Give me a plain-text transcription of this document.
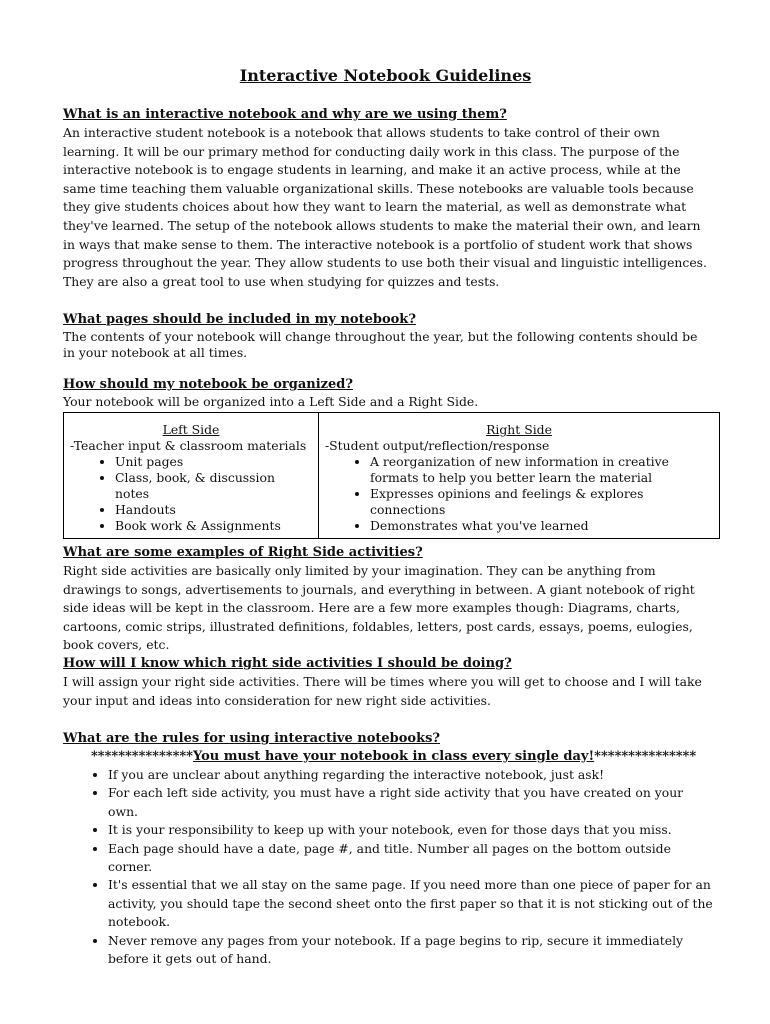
Interactive Notebook Guidelines

What is an interactive notebook and why are we using them?

An interactive student notebook is a notebook that allows students to take control of their own learning. It will be our primary method for conducting daily work in this class. The purpose of the interactive notebook is to engage students in learning, and make it an active process, while at the same time teaching them valuable organizational skills. These notebooks are valuable tools because they give students choices about how they want to learn the material, as well as demonstrate what they've learned. The setup of the notebook allows students to make the material their own, and learn in ways that make sense to them. The interactive notebook is a portfolio of student work that shows progress throughout the year. They allow students to use both their visual and linguistic intelligences. They are also a great tool to use when studying for quizzes and tests.

What pages should be included in my notebook?

The contents of your notebook will change throughout the year, but the following contents should be in your notebook at all times.

How should my notebook be organized?

Your notebook will be organized into a Left Side and a Right Side.

Left Side
-Teacher input & classroom materials
• Unit pages
• Class, book, & discussion notes
• Handouts
• Book work & Assignments

Right Side
-Student output/reflection/response
• A reorganization of new information in creative formats to help you better learn the material
• Expresses opinions and feelings & explores connections
• Demonstrates what you've learned

What are some examples of Right Side activities?

Right side activities are basically only limited by your imagination. They can be anything from drawings to songs, advertisements to journals, and everything in between. A giant notebook of right side ideas will be kept in the classroom. Here are a few more examples though: Diagrams, charts, cartoons, comic strips, illustrated definitions, foldables, letters, post cards, essays, poems, eulogies, book covers, etc.

How will I know which right side activities I should be doing?

I will assign your right side activities. There will be times where you will get to choose and I will take your input and ideas into consideration for new right side activities.

What are the rules for using interactive notebooks?

***************You must have your notebook in class every single day!***************
• If you are unclear about anything regarding the interactive notebook, just ask!
• For each left side activity, you must have a right side activity that you have created on your own.
• It is your responsibility to keep up with your notebook, even for those days that you miss.
• Each page should have a date, page #, and title. Number all pages on the bottom outside corner.
• It's essential that we all stay on the same page. If you need more than one piece of paper for an activity, you should tape the second sheet onto the first paper so that it is not sticking out of the notebook.
• Never remove any pages from your notebook. If a page begins to rip, secure it immediately before it gets out of hand.
